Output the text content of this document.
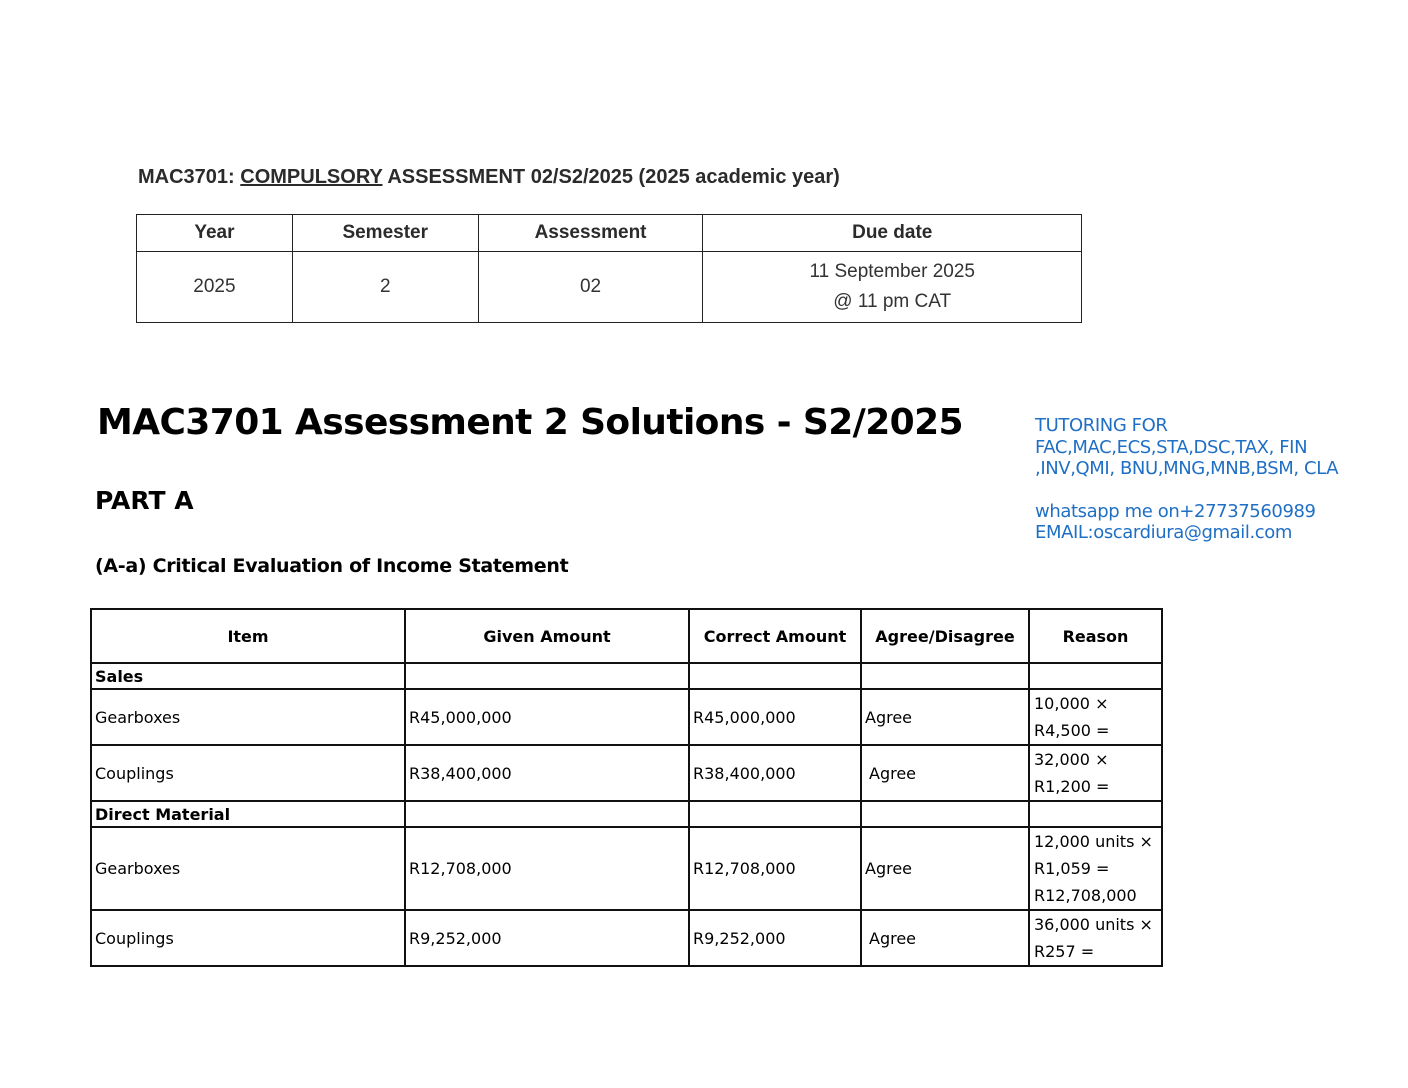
MAC3701: COMPULSORY ASSESSMENT 02/S2/2025 (2025 academic year)
Year	Semester	Assessment	Due date
2025	2	02	11 September 2025
@ 11 pm CAT
MAC3701 Assessment 2 Solutions - S2/2025
PART A
(A-a) Critical Evaluation of Income Statement
TUTORING FOR
FAC,MAC,ECS,STA,DSC,TAX, FIN
,INV,QMI, BNU,MNG,MNB,BSM, CLA
whatsapp me on+27737560989
EMAIL:oscardiura@gmail.com
Item	Given Amount	Correct Amount	Agree/Disagree	Reason
Sales				
Gearboxes	R45,000,000	R45,000,000	Agree	10,000 ×
R4,500 =

Couplings	R38,400,000	R38,400,000	Agree	32,000 ×
R1,200 =

Direct Material				
Gearboxes	R12,708,000	R12,708,000	Agree	12,000 units ×
R1,059 =
R12,708,000

Couplings	R9,252,000	R9,252,000	Agree	36,000 units ×
R257 =
